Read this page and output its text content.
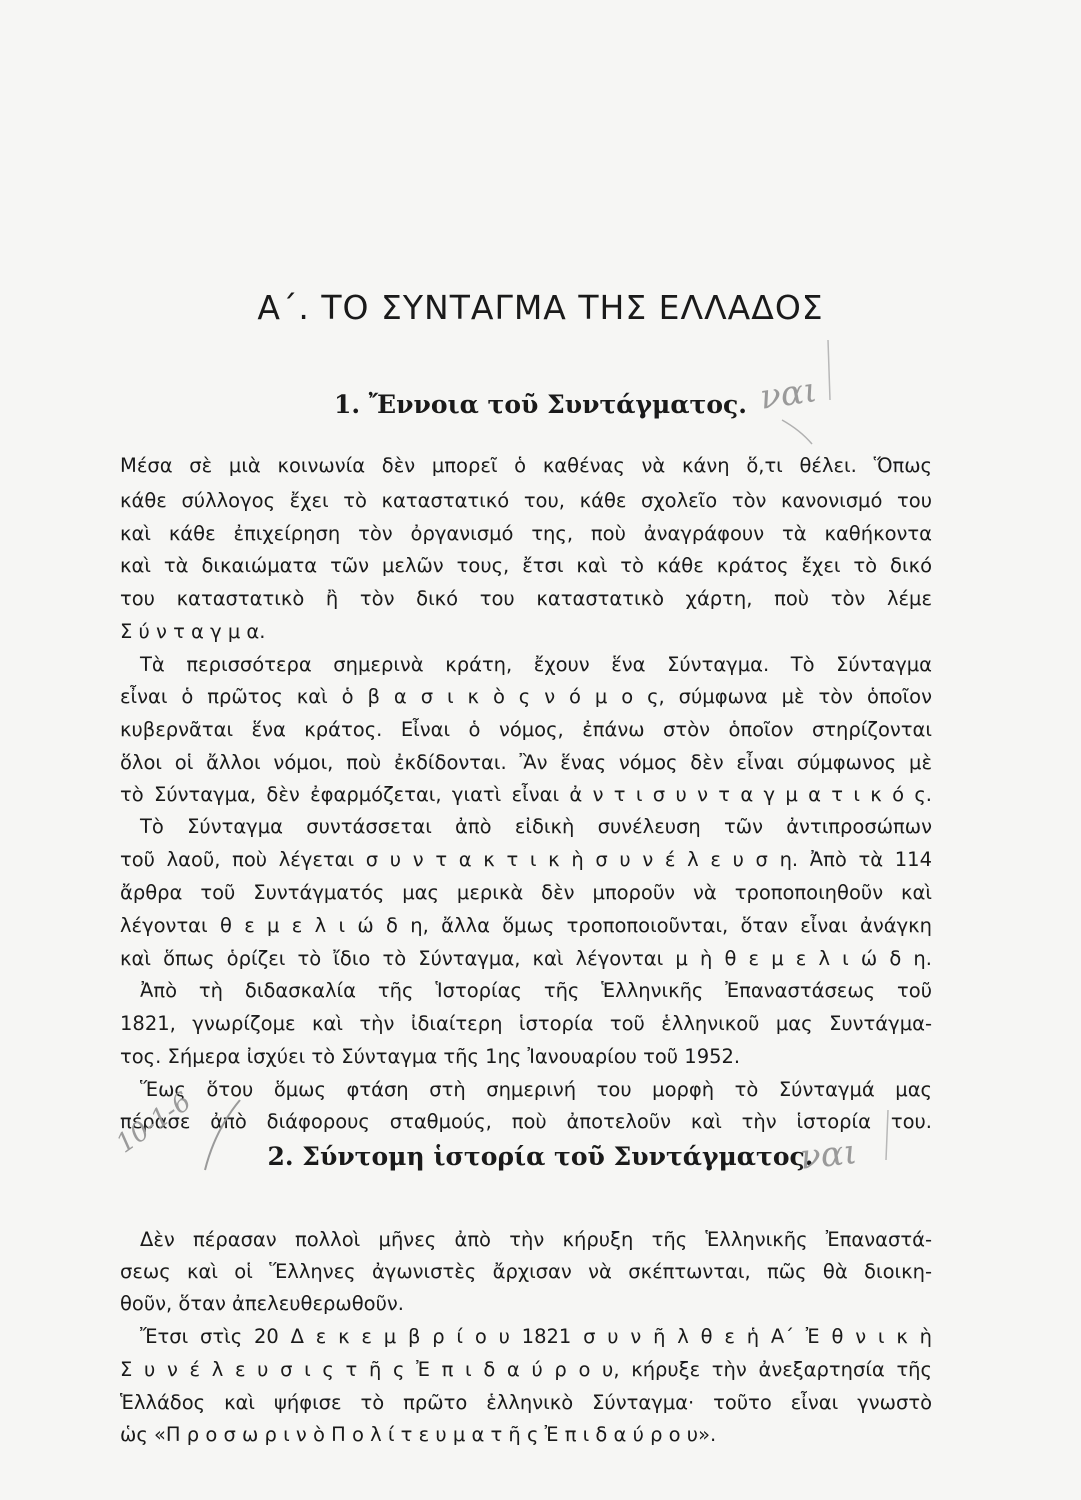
Α΄. ΤΟ ΣΥΝΤΑΓΜΑ ΤΗΣ ΕΛΛΑΔΟΣ
1. Ἔννοια τοῦ Συντάγματος.
Μέσα σὲ μιὰ κοινωνία δὲν μπορεῖ ὁ καθένας νὰ κάνη ὅ,τι θέλει. Ὅπως
κάθε σύλλογος ἔχει τὸ καταστατικό του, κάθε σχολεῖο τὸν κανονισμό του
καὶ κάθε ἐπιχείρηση τὸν ὀργανισμό της, ποὺ ἀναγράφουν τὰ καθήκοντα
καὶ τὰ δικαιώματα τῶν μελῶν τους, ἔτσι καὶ τὸ κάθε κράτος ἔχει τὸ δικό
του καταστατικὸ ἢ τὸν δικό του καταστατικὸ χάρτη, ποὺ τὸν λέμε
Σ ύ ν τ α γ μ α.
Τὰ περισσότερα σημερινὰ κράτη, ἔχουν ἕνα Σύνταγμα. Τὸ Σύνταγμα
εἶναι ὁ πρῶτος καὶ ὁ β α σ ι κ ὸ ς ν ό μ ο ς, σύμφωνα μὲ τὸν ὁποῖον
κυβερνᾶται ἕνα κράτος. Εἶναι ὁ νόμος, ἐπάνω στὸν ὁποῖον στηρίζονται
ὅλοι οἱ ἄλλοι νόμοι, ποὺ ἐκδίδονται. Ἂν ἕνας νόμος δὲν εἶναι σύμφωνος μὲ
τὸ Σύνταγμα, δὲν ἐφαρμόζεται, γιατὶ εἶναι ἀ ν τ ι σ υ ν τ α γ μ α τ ι κ ό ς.
Τὸ Σύνταγμα συντάσσεται ἀπὸ εἰδικὴ συνέλευση τῶν ἀντιπροσώπων
τοῦ λαοῦ, ποὺ λέγεται σ υ ν τ α κ τ ι κ ὴ σ υ ν έ λ ε υ σ η. Ἀπὸ τὰ 114
ἄρθρα τοῦ Συντάγματός μας μερικὰ δὲν μποροῦν νὰ τροποποιηθοῦν καὶ
λέγονται θ ε μ ε λ ι ώ δ η, ἄλλα ὅμως τροποποιοῦνται, ὅταν εἶναι ἀνάγκη
καὶ ὅπως ὁρίζει τὸ ἴδιο τὸ Σύνταγμα, καὶ λέγονται μ ὴ θ ε μ ε λ ι ώ δ η.
Ἀπὸ τὴ διδασκαλία τῆς Ἱστορίας τῆς Ἑλληνικῆς Ἐπαναστάσεως τοῦ
1821, γνωρίζομε καὶ τὴν ἰδιαίτερη ἱστορία τοῦ ἑλληνικοῦ μας Συντάγμα-
τος. Σήμερα ἰσχύει τὸ Σύνταγμα τῆς 1ης Ἰανουαρίου τοῦ 1952.
Ἕως ὅτου ὅμως φτάση στὴ σημερινή του μορφὴ τὸ Σύνταγμά μας
πέρασε ἀπὸ διάφορους σταθμούς, ποὺ ἀποτελοῦν καὶ τὴν ἱστορία του.
2. Σύντομη ἱστορία τοῦ Συντάγματος.
Δὲν πέρασαν πολλοὶ μῆνες ἀπὸ τὴν κήρυξη τῆς Ἑλληνικῆς Ἐπαναστά-
σεως καὶ οἱ Ἕλληνες ἀγωνιστὲς ἄρχισαν νὰ σκέπτωνται, πῶς θὰ διοικη-
θοῦν, ὅταν ἀπελευθερωθοῦν.
Ἔτσι στὶς 20 Δ ε κ ε μ β ρ ί ο υ 1821 σ υ ν ῆ λ θ ε ἡ Α΄ Ἐ θ ν ι κ ὴ
Σ υ ν έ λ ε υ σ ι ς τ ῆ ς Ἐ π ι δ α ύ ρ ο υ, κήρυξε τὴν ἀνεξαρτησία τῆς
Ἑλλάδος καὶ ψήφισε τὸ πρῶτο ἑλληνικὸ Σύνταγμα· τοῦτο εἶναι γνωστὸ
ὡς «Π ρ ο σ ω ρ ι ν ὸ Π ο λ ί τ ε υ μ α τ ῆ ς Ἐ π ι δ α ύ ρ ο υ».
ναι
ναι
10-1-6
